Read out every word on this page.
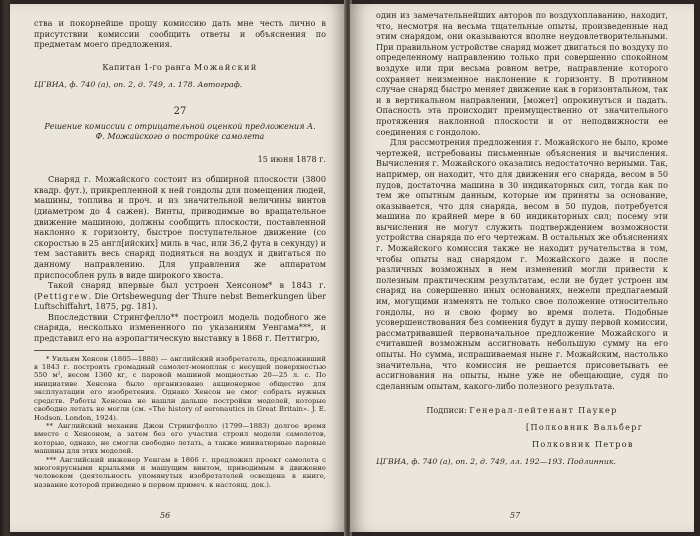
ства и покорнейше прошу комиссию дать мне честь лично в присутствии комиссии сообщить ответы и объяснения по предметам моего предложения.

Капитан 1-го ранга Можайский
ЦГВИА, ф. 740 (а), оп. 2, д. 749, л. 178. Автограф.
27
Решение комиссии с отрицательной оценкой предложения А. Ф. Можайского о постройке самолета
15 июня 1878 г.

Снаряд г. Можайского состоит из обширной плоскости (3800 квадр. фут.), прикрепленной к ней гондолы для помещения людей, машины, топлива и проч. и из значительной величины винтов (диаметром до 4 сажен). Винты, приводимые во вращательное движение машиною, должны сообщить плоскости, поставленной наклонно к горизонту, быстрое поступательное движение (со скоростью в 25 англ[ийских] миль в час, или 36,2 фута в секунду) и тем заставить весь снаряд подняться на воздух и двигаться по данному направлению. Для управления же аппаратом приспособлен руль в виде широкого хвоста.

Такой снаряд впервые был устроен Хенсоном* в 1843 г. (Pettigrew. Die Ortsbewegung der Thure nebst Bemerkungen über Luftschiffahrt, 1875, pg. 181).

Впоследствии Стрингфелло** построил модель подобного же снаряда, несколько измененного по указаниям Уенгама***, и представил его на аэропагтическую выставку в 1868 г. Петтигрю,

* Уильям Хенсон (1805—1888) — английский изобретатель, предложивший в 1843 г. построить громадный самолет-моноплан с несущей поверхностью 550 м², весом 1360 кг, с паровой машиной мощностью 20—25 л. с. По инициативе Хенсона было организовано акционерное общество для эксплуатации его изобретения. Однако Хенсон не смог собрать нужных средств. Работы Хенсона не нашли дальше постройки моделей, которые свободно летать не могли (см. «The history of aeronautics in Great Britain». J. E. Hodson. London, 1924).

** Английский механик Джон Стрингфелло (1799—1883) долгое время вместе с Хенсоном, а затем без его участия строил модели самолетов, которые, однако, не смогли свободно летать, а также миниатюрные паровые машины для этих моделей.

*** Английский инженер Уенгам в 1866 г. предложил проект самолета с многоярусными крыльями и машущим винтом, приводимым в движение человеком (деятельность упомянутых изобретателей освещена в книге, название которой приведено в первом примеч. к настоящ. док.).

56

один из замечательнейших авторов по воздухоплаванию, находит, что, несмотря на весьма тщательные опыты, произведенные над этим снарядом, они оказываются вполне неудовлетворительными. При правильном устройстве снаряд может двигаться по воздуху по определенному направлению только при совершенно спокойном воздухе или при весьма ровном ветре, направление которого сохраняет неизменное наклонение к горизонту. В противном случае снаряд быстро меняет движение как в горизонтальном, так и в вертикальном направлении, [может] опрокинуться и падать. Опасность эта происходит преимущественно от значительного протяжения наклонной плоскости и от неподвижности ее соединения с гондолою.

Для рассмотрения предложения г. Можайского не было, кроме чертежей, истребованы письменные объяснения и вычисления. Вычисления г. Можайского оказались недостаточно верными. Так, например, он находит, что для движения его снаряда, весом в 50 пудов, достаточна машина в 30 индикаторных сил, тогда как по тем же опытным данным, которые им приняты за основание, оказывается, что для снаряда, весом в 50 пудов, потребуется машина по крайней мере в 60 индикаторных сил; посему эти вычисления не могут служить подтверждением возможности устройства снаряда по его чертежам. В остальных же объяснениях г. Можайского комиссия также не находит ручательства в том, чтобы опыты над снарядом г. Можайского даже и после различных возможных в нем изменений могли привести к полезным практическим результатам, если не будет устроен им снаряд на совершенно иных основаниях, нежели предлагаемый им, могущими изменять не только свое положение относительно гондолы, но и свою форму во время полета. Подобные усовершенствования без сомнения будут в душу первой комиссии, рассматривавшей первоначальное предложение Можайского и считавшей возможным ассигновать небольшую сумму на его опыты. Но сумма, испрашиваемая ныне г. Можайским, настолько значительна, что комиссия не решается присоветывать ее ассигнования на опыты, ныне уже не обещающие, судя по сделанным опытам, какого-либо полезного результата.

Подписи: Генерал-лейтенант Паукер
[Полковник Вальберг
Полковник Петров
ЦГВИА, ф. 740 (а), оп. 2, д. 749, лл. 192—193. Подлинник.
57
